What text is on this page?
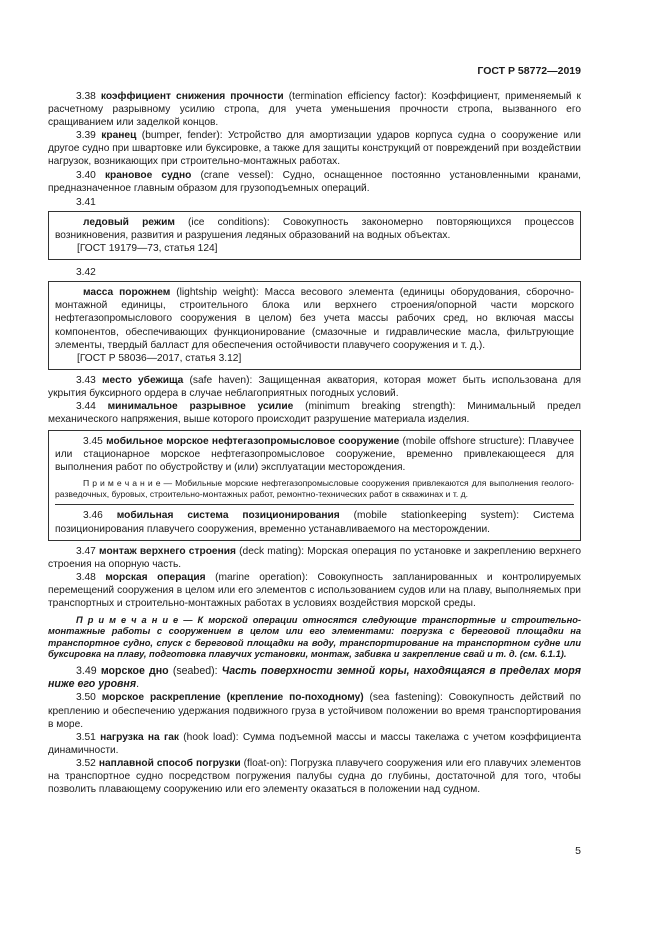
ГОСТ Р 58772—2019

3.38 коэффициент снижения прочности (termination efficiency factor): Коэффициент, применяемый к расчетному разрывному усилию стропа, для учета уменьшения прочности стропа, вызванного его сращиванием или заделкой концов.

3.39 кранец (bumper, fender): Устройство для амортизации ударов корпуса судна о сооружение или другое судно при швартовке или буксировке, а также для защиты конструкций от повреждений при воздействии нагрузок, возникающих при строительно-монтажных работах.

3.40 крановое судно (crane vessel): Судно, оснащенное постоянно установленными кранами, предназначенное главным образом для грузоподъемных операций.

3.41

ледовый режим (ice conditions): Совокупность закономерно повторяющихся процессов возникновения, развития и разрушения ледяных образований на водных объектах.

[ГОСТ 19179—73, статья 124]

3.42

масса порожнем (lightship weight): Масса весового элемента (единицы оборудования, сборочно-монтажной единицы, строительного блока или верхнего строения/опорной части морского нефтегазопромыслового сооружения в целом) без учета массы рабочих сред, но включая массы компонентов, обеспечивающих функционирование (смазочные и гидравлические масла, фильтрующие элементы, твердый балласт для обеспечения остойчивости плавучего сооружения и т. д.).

[ГОСТ Р 58036—2017, статья 3.12]

3.43 место убежища (safe haven): Защищенная акватория, которая может быть использована для укрытия буксирного ордера в случае неблагоприятных погодных условий.

3.44 минимальное разрывное усилие (minimum breaking strength): Минимальный предел механического напряжения, выше которого происходит разрушение материала изделия.

3.45 мобильное морское нефтегазопромысловое сооружение (mobile offshore structure): Плавучее или стационарное морское нефтегазопромысловое сооружение, временно привлекающееся для выполнения работ по обустройству и (или) эксплуатации месторождения.

П р и м е ч а н и е — Мобильные морские нефтегазопромысловые сооружения привлекаются для выполнения геолого-разведочных, буровых, строительно-монтажных работ, ремонтно-технических работ в скважинах и т. д.

3.46 мобильная система позиционирования (mobile stationkeeping system): Система позиционирования плавучего сооружения, временно устанавливаемого на месторождении.

3.47 монтаж верхнего строения (deck mating): Морская операция по установке и закреплению верхнего строения на опорную часть.

3.48 морская операция (marine operation): Совокупность запланированных и контролируемых перемещений сооружения в целом или его элементов с использованием судов или на плаву, выполняемых при транспортных и строительно-монтажных работах в условиях воздействия морской среды.

П р и м е ч а н и е — К морской операции относятся следующие транспортные и строительно-монтажные работы с сооружением в целом или его элементами: погрузка с береговой площадки на транспортное судно, спуск с береговой площадки на воду, транспортирование на транспортном судне или буксировка на плаву, подготовка плавучих установки, монтаж, забивка и закрепление свай и т. д. (см. 6.1.1).

3.49 морское дно (seabed): Часть поверхности земной коры, находящаяся в пределах моря ниже его уровня.

3.50 морское раскрепление (крепление по-походному) (sea fastening): Совокупность действий по креплению и обеспечению удержания подвижного груза в устойчивом положении во время транспортирования в море.

3.51 нагрузка на гак (hook load): Сумма подъемной массы и массы такелажа с учетом коэффициента динамичности.

3.52 наплавной способ погрузки (float-on): Погрузка плавучего сооружения или его плавучих элементов на транспортное судно посредством погружения палубы судна до глубины, достаточной для того, чтобы позволить плавающему сооружению или его элементу оказаться в положении над судном.

5
